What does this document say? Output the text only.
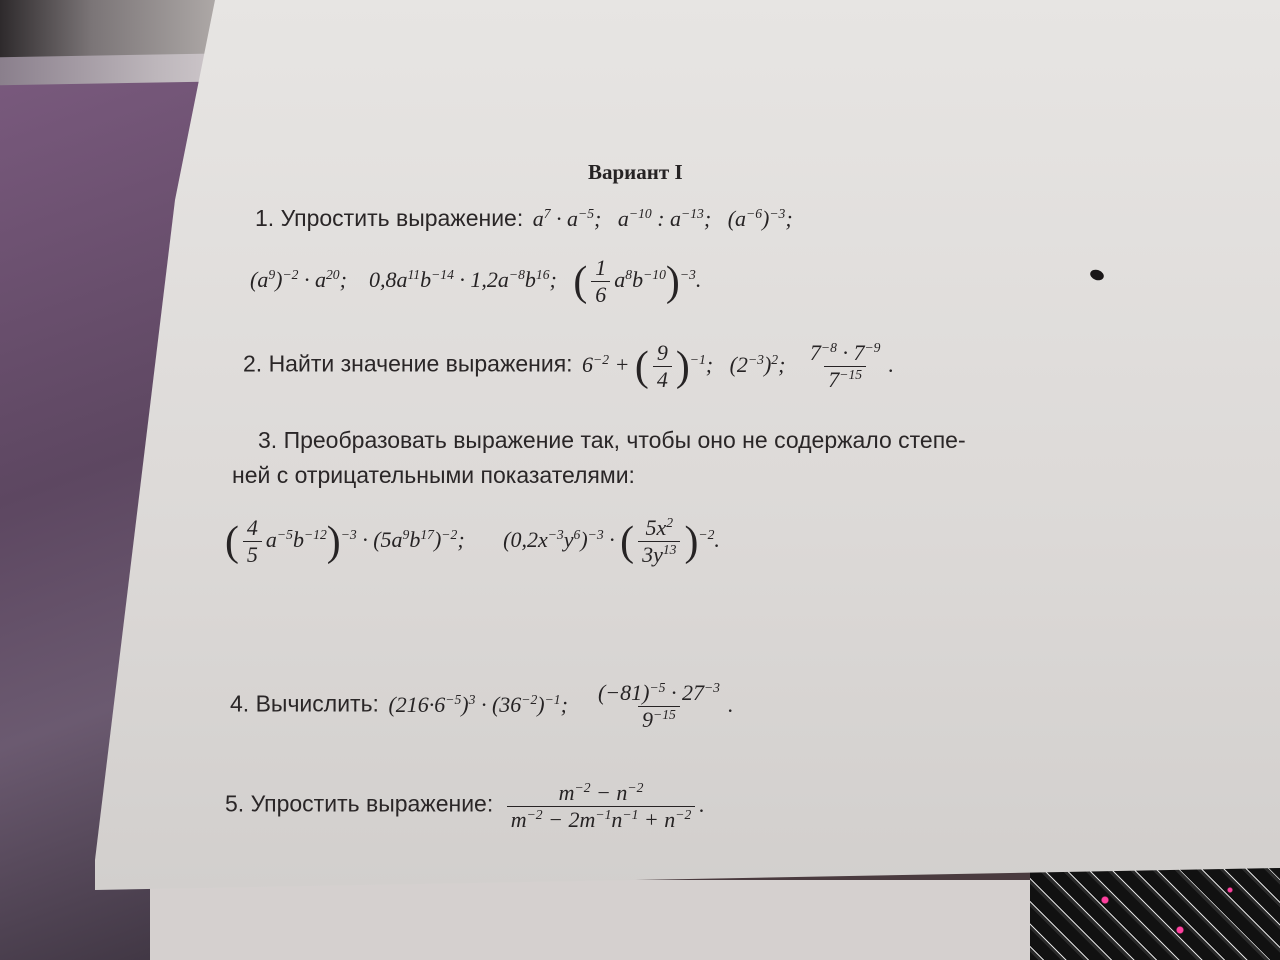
Вариант I
1. Упростить выражение: $a^7 \cdot a^{-5}$;   $a^{-10}$ : $a^{-13}$;   $(a^{-6})^{-3}$;
$(a^9)^{-2} \cdot a^{20}$;    $0,8a^{11}b^{-14} \cdot 1,2a^{-8}b^{16}$;   ( $\frac{1}{6} a^8b^{-10})^{-3}$.
2. Найти значение выражения: $6^{-2}$ + ( $\frac{9}{4} )^{-1}$;   $(2^{-3})^2$; $\frac{7^{-8} \cdot 7^{-9}}{7^{-15}}$ .
3. Преобразовать выражение так, чтобы оно не содержало степе-
ней с отрицательными показателями:
( $\frac{4}{5} a^{-5}b^{-12})^{-3} \cdot (5a^9b^{17})^{-2}$;       $(0,2x^{-3}y^6)^{-3}$ · ( $\frac{5x^2}{3y^{13}} )^{-2}$.
4. Вычислить: $(216\cdot 6^{-5})^3 \cdot (36^{-2})^{-1}$; $\frac{(-81)^{-5} \cdot 27^{-3}}{9^{-15}}$ .
5. Упростить выражение: $\frac{m^{-2} - n^{-2}}{m^{-2} - 2m^{-1}n^{-1} + n^{-2}}$ .
